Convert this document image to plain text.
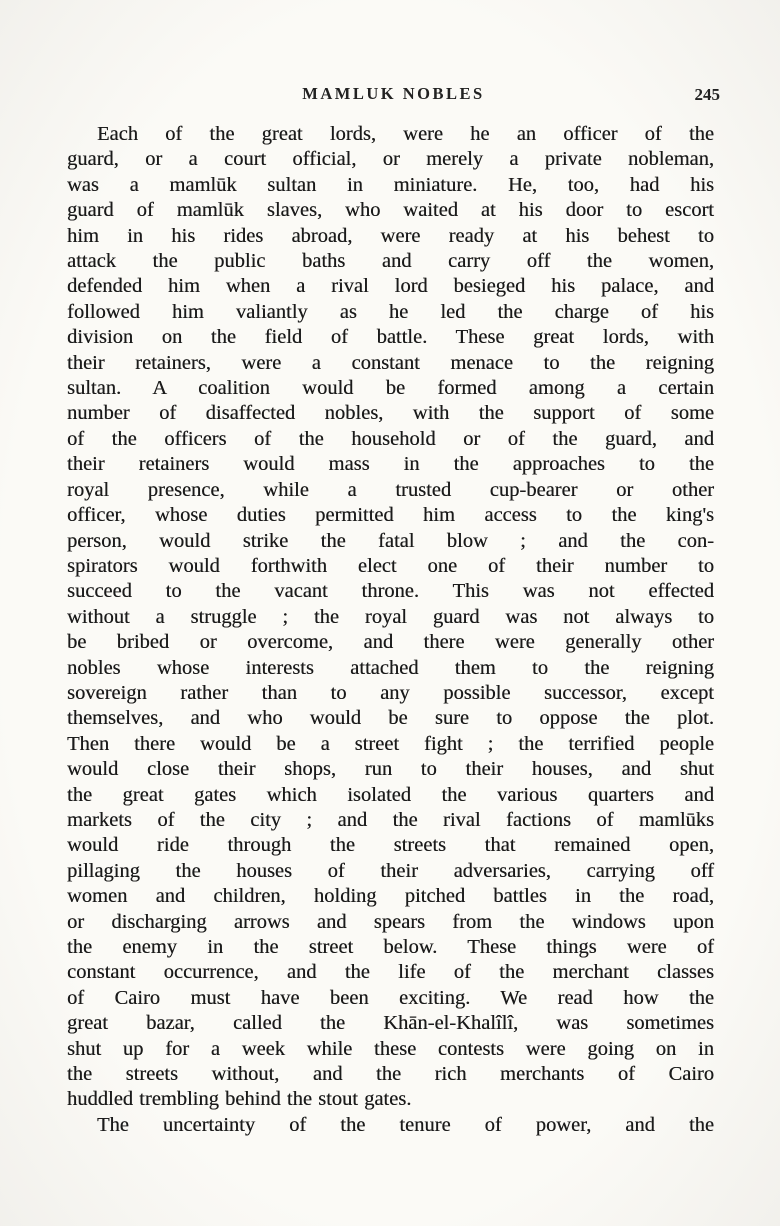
MAMLUK NOBLES	245
Each of the great lords, were he an officer of the
guard, or a court official, or merely a private nobleman,
was a mamlūk sultan in miniature. He, too, had his
guard of mamlūk slaves, who waited at his door to escort
him in his rides abroad, were ready at his behest to
attack the public baths and carry off the women,
defended him when a rival lord besieged his palace, and
followed him valiantly as he led the charge of his
division on the field of battle. These great lords, with
their retainers, were a constant menace to the reigning
sultan. A coalition would be formed among a certain
number of disaffected nobles, with the support of some
of the officers of the household or of the guard, and
their retainers would mass in the approaches to the
royal presence, while a trusted cup-bearer or other
officer, whose duties permitted him access to the king's
person, would strike the fatal blow ; and the con-
spirators would forthwith elect one of their number to
succeed to the vacant throne. This was not effected
without a struggle ; the royal guard was not always to
be bribed or overcome, and there were generally other
nobles whose interests attached them to the reigning
sovereign rather than to any possible successor, except
themselves, and who would be sure to oppose the plot.
Then there would be a street fight ; the terrified people
would close their shops, run to their houses, and shut
the great gates which isolated the various quarters and
markets of the city ; and the rival factions of mamlūks
would ride through the streets that remained open,
pillaging the houses of their adversaries, carrying off
women and children, holding pitched battles in the road,
or discharging arrows and spears from the windows upon
the enemy in the street below. These things were of
constant occurrence, and the life of the merchant classes
of Cairo must have been exciting. We read how the
great bazar, called the Khān-el-Khalîlî, was sometimes
shut up for a week while these contests were going on in
the streets without, and the rich merchants of Cairo
huddled trembling behind the stout gates.
The uncertainty of the tenure of power, and the
